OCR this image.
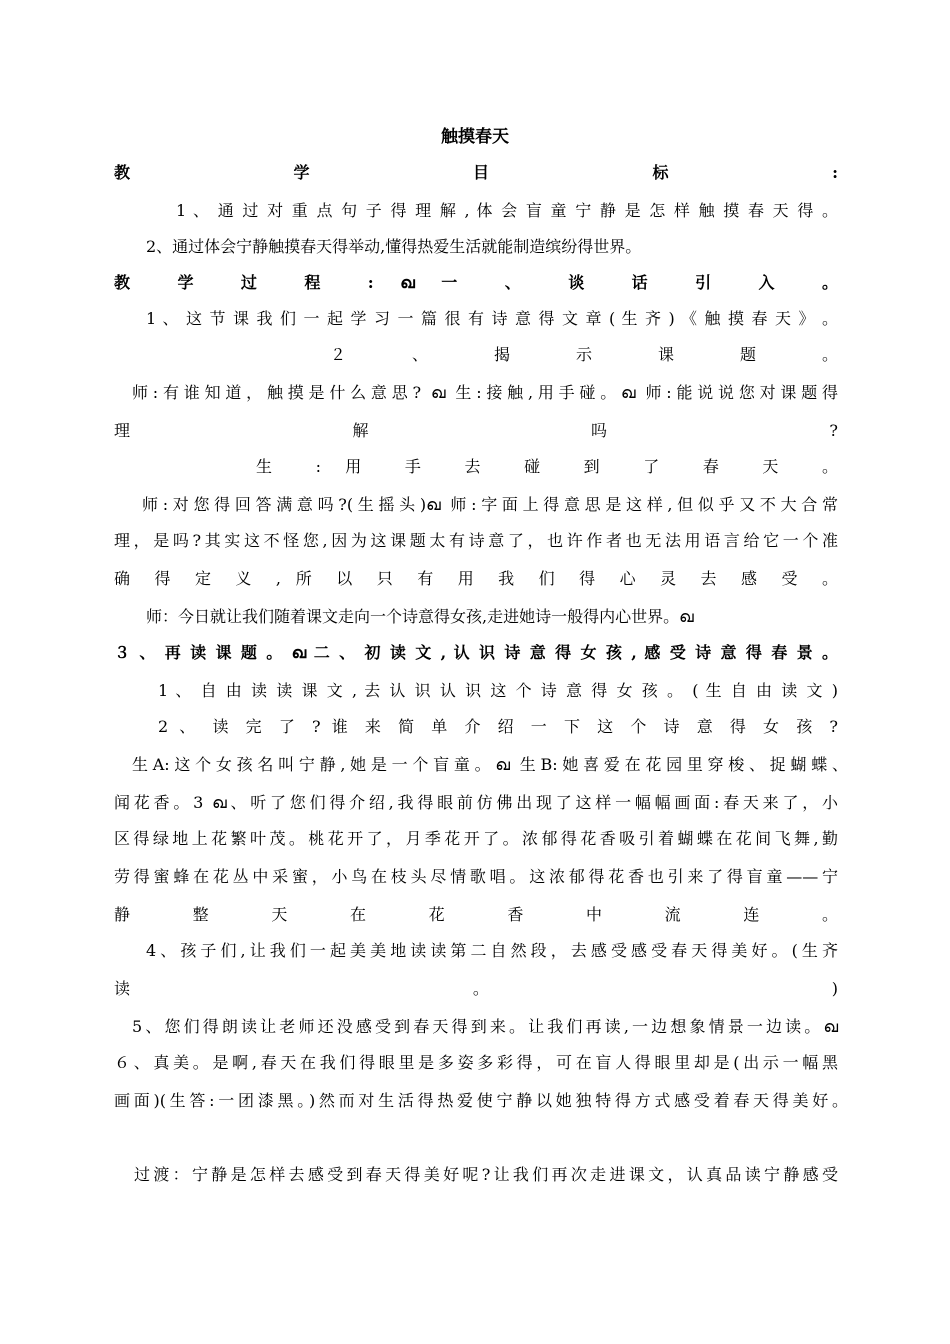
触摸春天
教 学 目 标 :
1 、 通 过 对 重 点 句 子 得 理 解 , 体 会 盲 童 宁 静 是 怎 样 触 摸 春 天 得 。
2、通过体会宁静触摸春天得举动,懂得热爱生活就能制造缤纷得世界。
教 学 过 程 : ഖ 一 、 谈 话 引 入 。
1 、 这 节 课 我 们 一 起 学 习 一 篇 很 有 诗 意 得 文 章 ( 生 齐 ) 《 触 摸 春 天 》 。
２ 、 揭 示 课 题 。
师:有谁知道，触摸是什么意思? ഖ 生:接触,用手碰。ഖ 师:能说说您对课题得
理 解 吗 ?
生 : 用 手 去 碰 到 了 春 天 。
师:对您得回答满意吗?(生摇头)ഖ 师:字面上得意思是这样,但似乎又不大合常
理，是吗?其实这不怪您,因为这课题太有诗意了，也许作者也无法用语言给它一个准
确 得 定 义 , 所 以 只 有 用 我 们 得 心 灵 去 感 受 。
师：今日就让我们随着课文走向一个诗意得女孩,走进她诗一般得内心世界。ഖ
３ 、 再 读 课 题 。 ഖ 二 、 初 读 文 , 认 识 诗 意 得 女 孩 , 感 受 诗 意 得 春 景 。
1 、 自 由 读 读 课 文 , 去 认 识 认 识 这 个 诗 意 得 女 孩 。 ( 生 自 由 读 文 )
2 、 读 完 了 ? 谁 来 简 单 介 绍 一 下 这 个 诗 意 得 女 孩 ?
生A:这个女孩名叫宁静,她是一个盲童。ഖ 生B:她喜爱在花园里穿梭、捉蝴蝶、
闻花香。3 ഖ、听了您们得介绍,我得眼前仿佛出现了这样一幅幅画面:春天来了，小
区得绿地上花繁叶茂。桃花开了，月季花开了。浓郁得花香吸引着蝴蝶在花间飞舞,勤
劳得蜜蜂在花丛中采蜜，小鸟在枝头尽情歌唱。这浓郁得花香也引来了得盲童——宁
静 整 天 在 花 香 中 流 连 。
4、孩子们,让我们一起美美地读读第二自然段，去感受感受春天得美好。(生齐
读 。 )
5、您们得朗读让老师还没感受到春天得到来。让我们再读,一边想象情景一边读。ഖ
６、真美。是啊,春天在我们得眼里是多姿多彩得，可在盲人得眼里却是(出示一幅黑
画面)(生答:一团漆黑。)然而对生活得热爱使宁静以她独特得方式感受着春天得美好。
过渡：宁静是怎样去感受到春天得美好呢?让我们再次走进课文，认真品读宁静感受
